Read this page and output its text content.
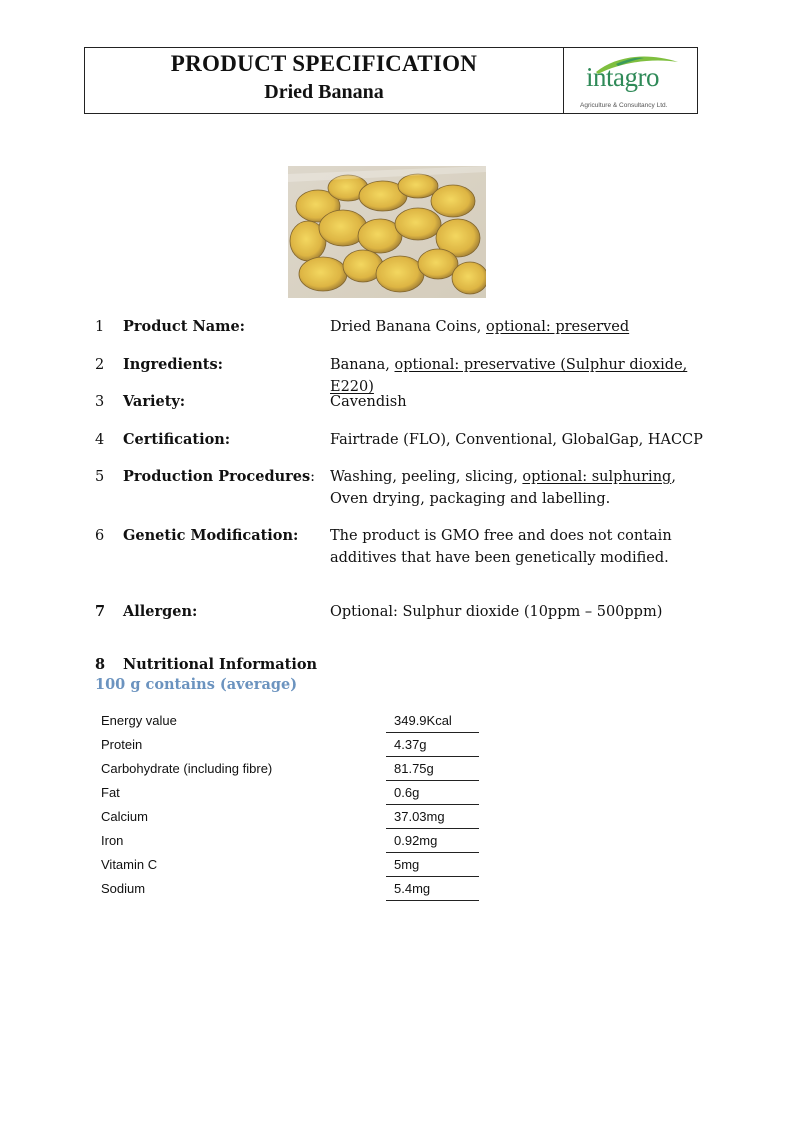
PRODUCT SPECIFICATION
Dried Banana	intagro
Agriculture & Consultancy Ltd.
1 Product Name:	Dried Banana Coins, optional: preserved
2 Ingredients:	Banana, optional: preservative (Sulphur dioxide, E220)
3 Variety:	Cavendish
4 Certification:	Fairtrade (FLO), Conventional, GlobalGap, HACCP
5 Production Procedures: Washing, peeling, slicing, optional: sulphuring,
Oven drying, packaging and labelling.
6 Genetic Modification: The product is GMO free and does not contain
additives that have been genetically modified.
7 Allergen:	Optional: Sulphur dioxide (10ppm – 500ppm)
8 Nutritional Information
100 g contains (average)
Energy value	349.9Kcal
Protein	4.37g
Carbohydrate (including fibre)	81.75g
Fat	0.6g
Calcium	37.03mg
Iron	0.92mg
Vitamin C	5mg
Sodium	5.4mg
